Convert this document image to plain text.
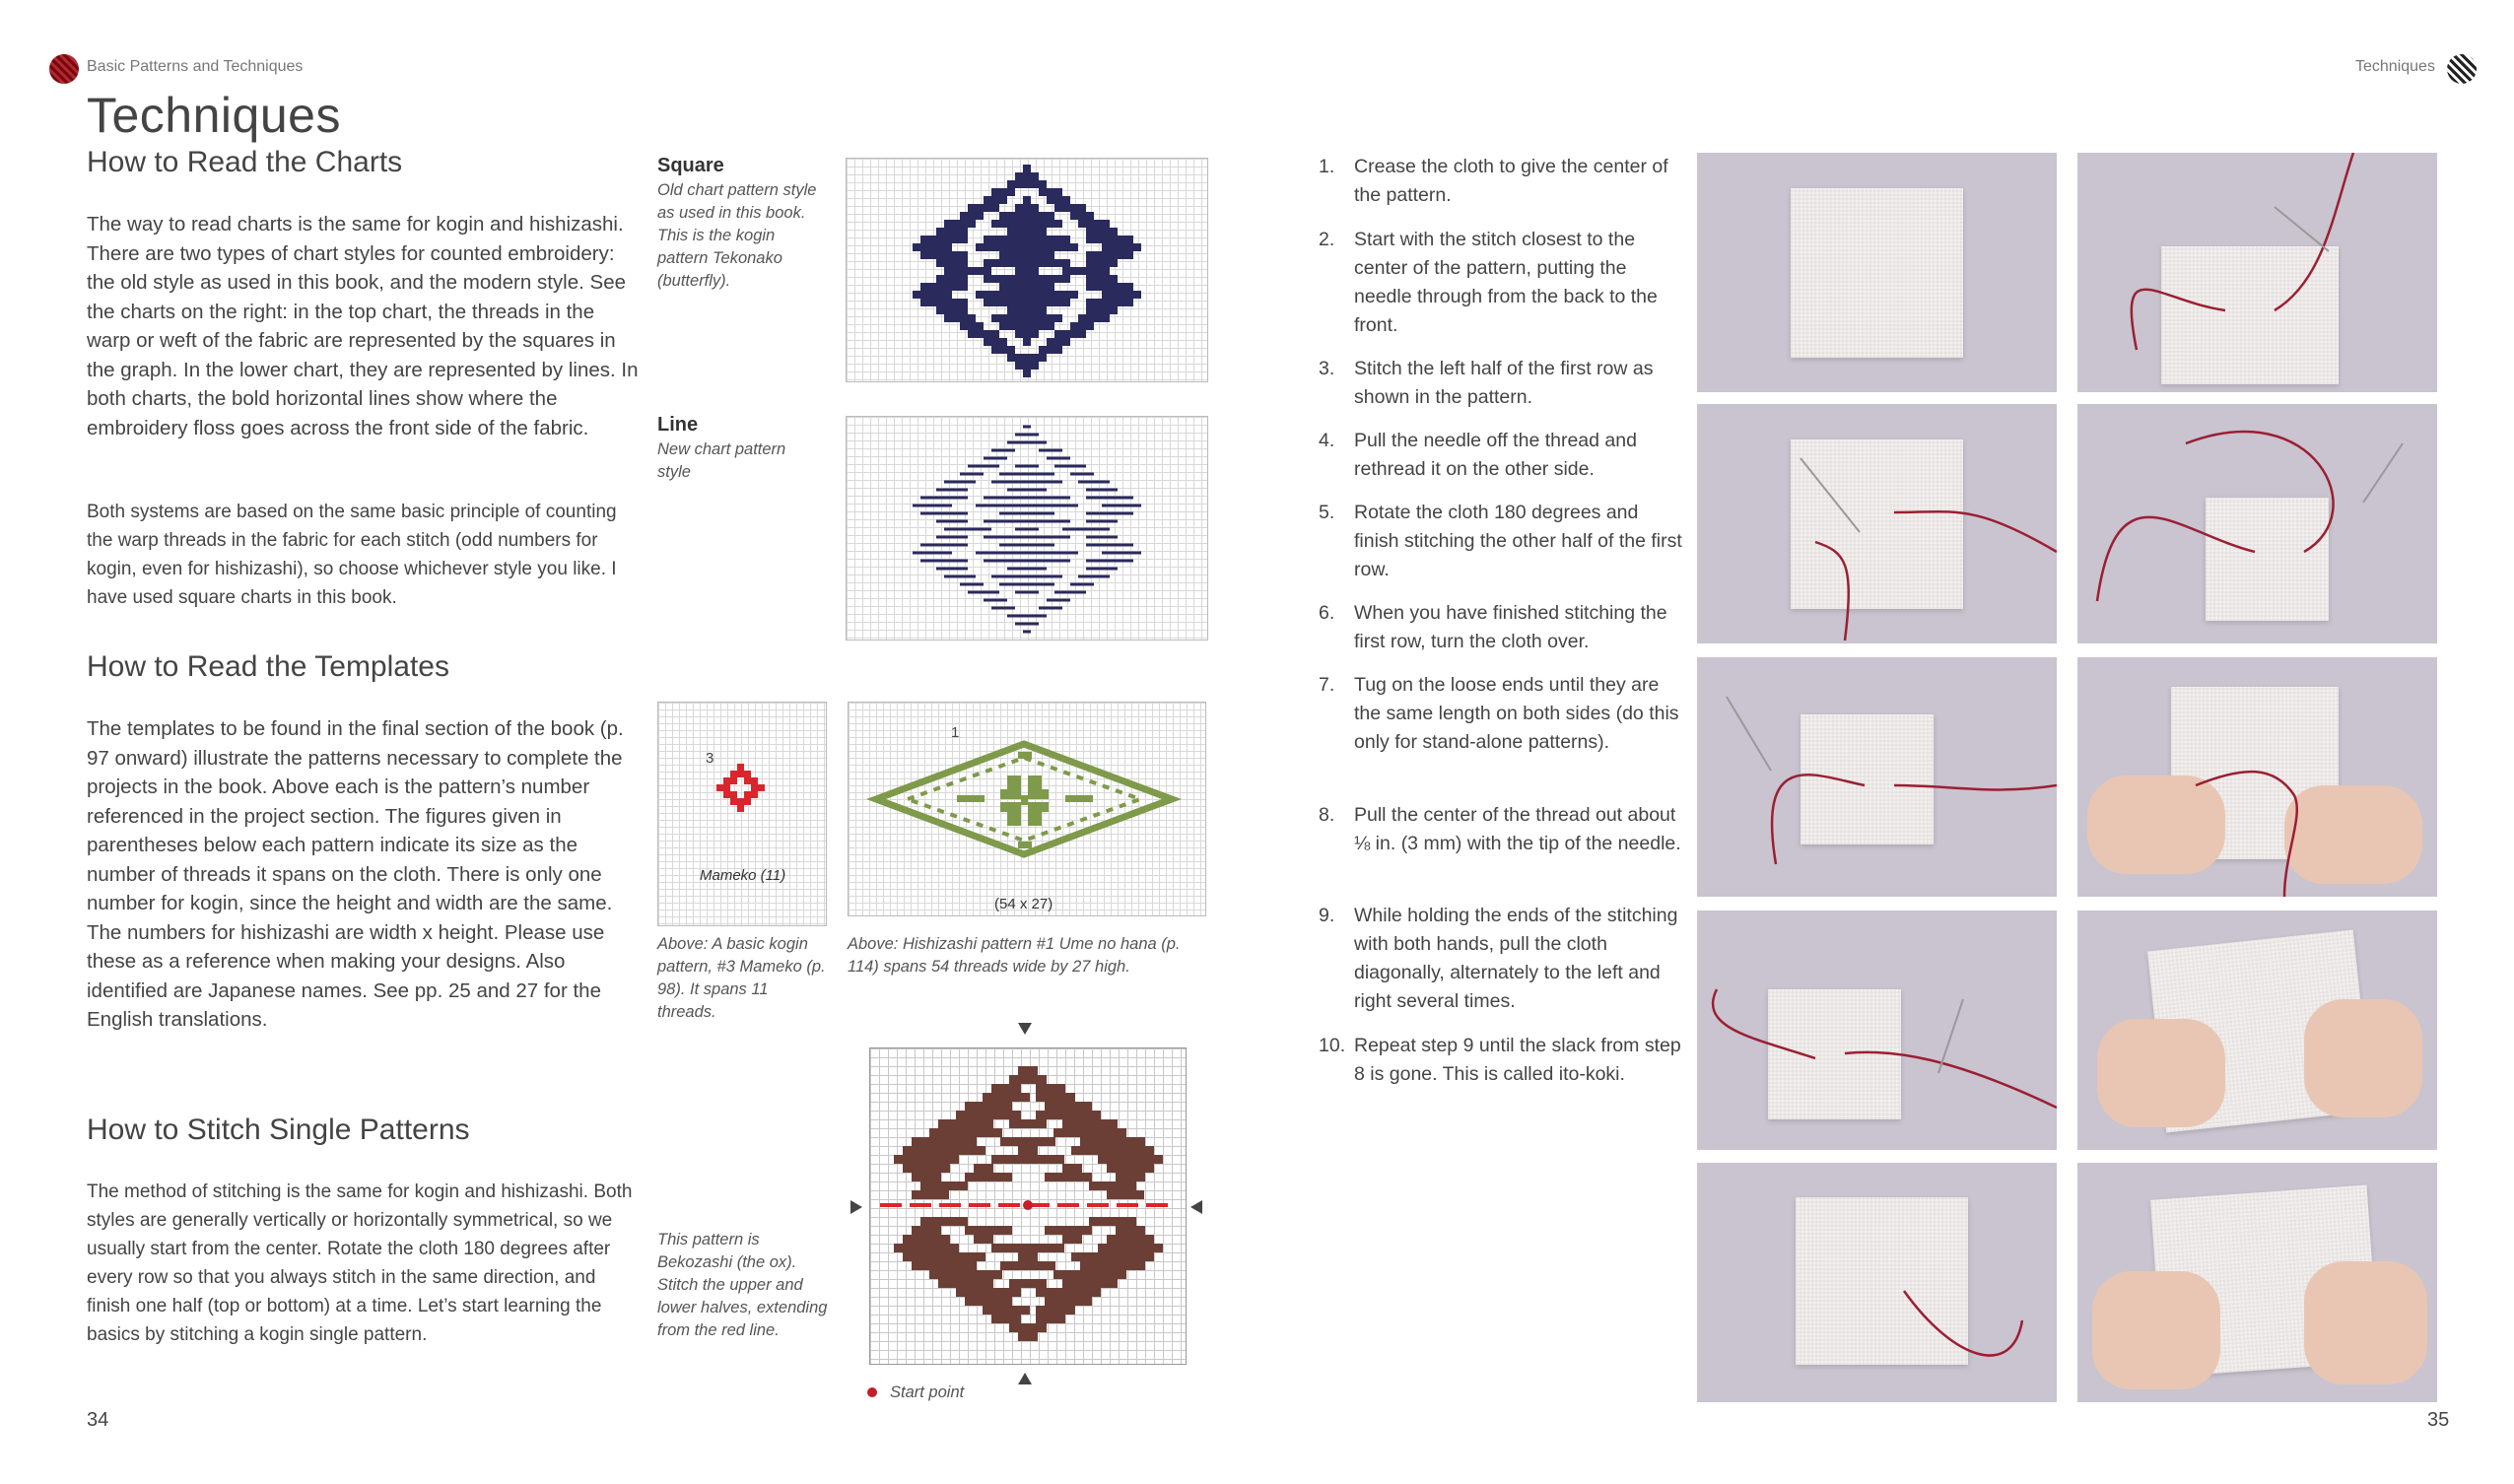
Basic Patterns and Techniques	Techniques
Techniques
How to Read the Charts

The way to read charts is the same for kogin and hishizashi. There are two types of chart styles for counted embroidery: the old style as used in this book, and the modern style. See the charts on the right: in the top chart, the threads in the warp or weft of the fabric are represented by the squares in the graph. In the lower chart, they are represented by lines. In both charts, the bold horizontal lines show where the embroidery floss goes across the front side of the fabric.

Both systems are based on the same basic principle of counting the warp threads in the fabric for each stitch (odd numbers for kogin, even for hishizashi), so choose whichever style you like. I have used square charts in this book.

How to Read the Templates

The templates to be found in the final section of the book (p. 97 onward) illustrate the patterns necessary to complete the projects in the book. Above each is the pattern’s number referenced in the project section. The figures given in parentheses below each pattern indicate its size as the number of threads it spans on the cloth. There is only one number for kogin, since the height and width are the same. The numbers for hishizashi are width x height. Please use these as a reference when making your designs. Also identified are Japanese names. See pp. 25 and 27 for the English translations.

How to Stitch Single Patterns

The method of stitching is the same for kogin and hishizashi. Both styles are generally vertically or horizontally symmetrical, so we usually start from the center. Rotate the cloth 180 degrees after every row so that you always stitch in the same direction, and finish one half (top or bottom) at a time. Let’s start learning the basics by stitching a kogin single pattern.

34
Square
Old chart pattern style as used in this book. This is the kogin pattern Tekonako (butterfly).
Line
New chart pattern style
3
Mameko (11)
Above: A basic kogin pattern, #3 Mameko (p. 98). It spans 11 threads.
1
(54 x 27)
Above: Hishizashi pattern #1 Ume no hana (p. 114) spans 54 threads wide by 27 high.
This pattern is Bekozashi (the ox). Stitch the upper and lower halves, extending from the red line.
Start point
1.	Crease the cloth to give the center of the pattern.
2.	Start with the stitch closest to the center of the pattern, putting the needle through from the back to the front.
3.	Stitch the left half of the first row as shown in the pattern.
4.	Pull the needle off the thread and rethread it on the other side.
5.	Rotate the cloth 180 degrees and finish stitching the other half of the first row.
6.	When you have finished stitching the first row, turn the cloth over.
7.	Tug on the loose ends until they are the same length on both sides (do this only for stand-alone patterns).
8.	Pull the center of the thread out about ⅛ in. (3 mm) with the tip of the needle.
9.	While holding the ends of the stitching with both hands, pull the cloth diagonally, alternately to the left and right several times.
10. Repeat step 9 until the slack from step 8 is gone. This is called ito-koki.
35
